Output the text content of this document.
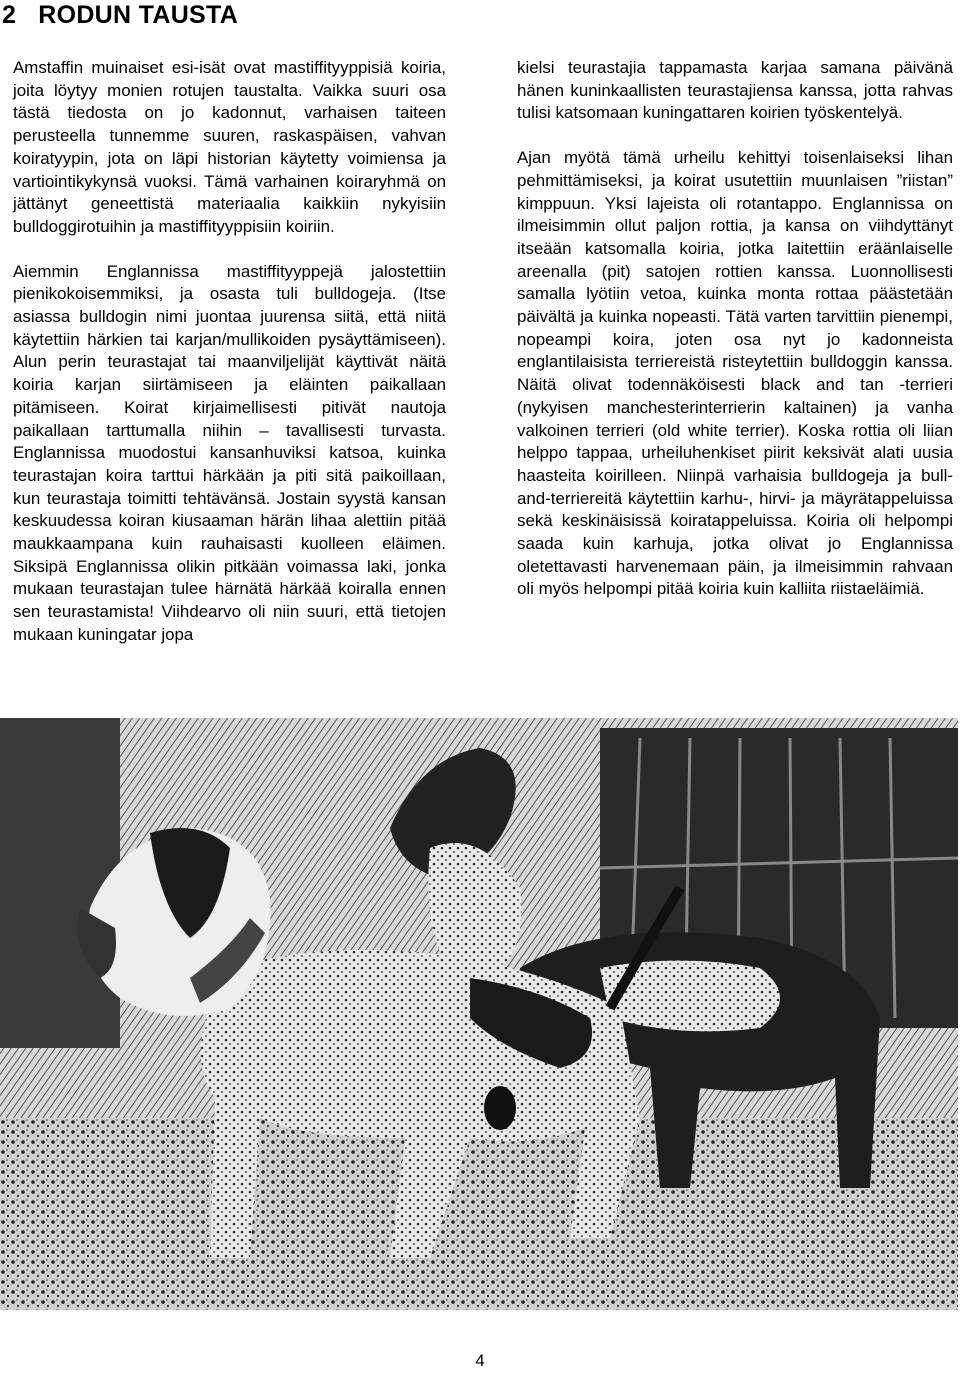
2 RODUN TAUSTA

Amstaffin muinaiset esi-isät ovat mastiffityyppisiä koiria, joita löytyy monien rotujen taustalta. Vaikka suuri osa tästä tiedosta on jo kadonnut, varhaisen taiteen perusteella tunnemme suuren, raskaspäisen, vahvan koiratyypin, jota on läpi historian käytetty voimiensa ja vartiointikykynsä vuoksi. Tämä varhainen koiraryhmä on jättänyt geneettistä materiaalia kaikkiin nykyisiin bulldoggirotuihin ja mastiffityyppisiin koiriin.

Aiemmin Englannissa mastiffityyppejä jalostettiin pienikokoisemmiksi, ja osasta tuli bulldogeja. (Itse asiassa bulldogin nimi juontaa juurensa siitä, että niitä käytettiin härkien tai karjan/mullikoiden pysäyttämiseen). Alun perin teurastajat tai maanviljelijät käyttivät näitä koiria karjan siirtämiseen ja eläinten paikallaan pitämiseen. Koirat kirjaimellisesti pitivät nautoja paikallaan tarttumalla niihin – tavallisesti turvasta. Englannissa muodostui kansanhuviksi katsoa, kuinka teurastajan koira tarttui härkään ja piti sitä paikoillaan, kun teurastaja toimitti tehtävänsä. Jostain syystä kansan keskuudessa koiran kiusaaman härän lihaa alettiin pitää maukkaampana kuin rauhaisasti kuolleen eläimen. Siksipä Englannissa olikin pitkään voimassa laki, jonka mukaan teurastajan tulee härnätä härkää koiralla ennen sen teurastamista! Viihdearvo oli niin suuri, että tietojen mukaan kuningatar jopa

kielsi teurastajia tappamasta karjaa samana päivänä hänen kuninkaallisten teurastajiensa kanssa, jotta rahvas tulisi katsomaan kuningattaren koirien työskentelyä.

Ajan myötä tämä urheilu kehittyi toisenlaiseksi lihan pehmittämiseksi, ja koirat usutettiin muunlaisen ”riistan” kimppuun. Yksi lajeista oli rotantappo. Englannissa on ilmeisimmin ollut paljon rottia, ja kansa on viihdyttänyt itseään katsomalla koiria, jotka laitettiin eräänlaiselle areenalla (pit) satojen rottien kanssa. Luonnollisesti samalla lyötiin vetoa, kuinka monta rottaa päästetään päivältä ja kuinka nopeasti. Tätä varten tarvittiin pienempi, nopeampi koira, joten osa nyt jo kadonneista englantilaisista terriereistä risteytettiin bulldoggin kanssa. Näitä olivat todennäköisesti black and tan -terrieri (nykyisen manchesterinterrierin kaltainen) ja vanha valkoinen terrieri (old white terrier). Koska rottia oli liian helppo tappaa, urheiluhenkiset piirit keksivät alati uusia haasteita koirilleen. Niinpä varhaisia bulldogeja ja bull-and-terriereitä käytettiin karhu-, hirvi- ja mäyrätappeluissa sekä keskinäisissä koiratappeluissa. Koiria oli helpompi saada kuin karhuja, jotka olivat jo Englannissa oletettavasti harvenemaan päin, ja ilmeisimmin rahvaan oli myös helpompi pitää koiria kuin kalliita riistaeläimiä.

4
